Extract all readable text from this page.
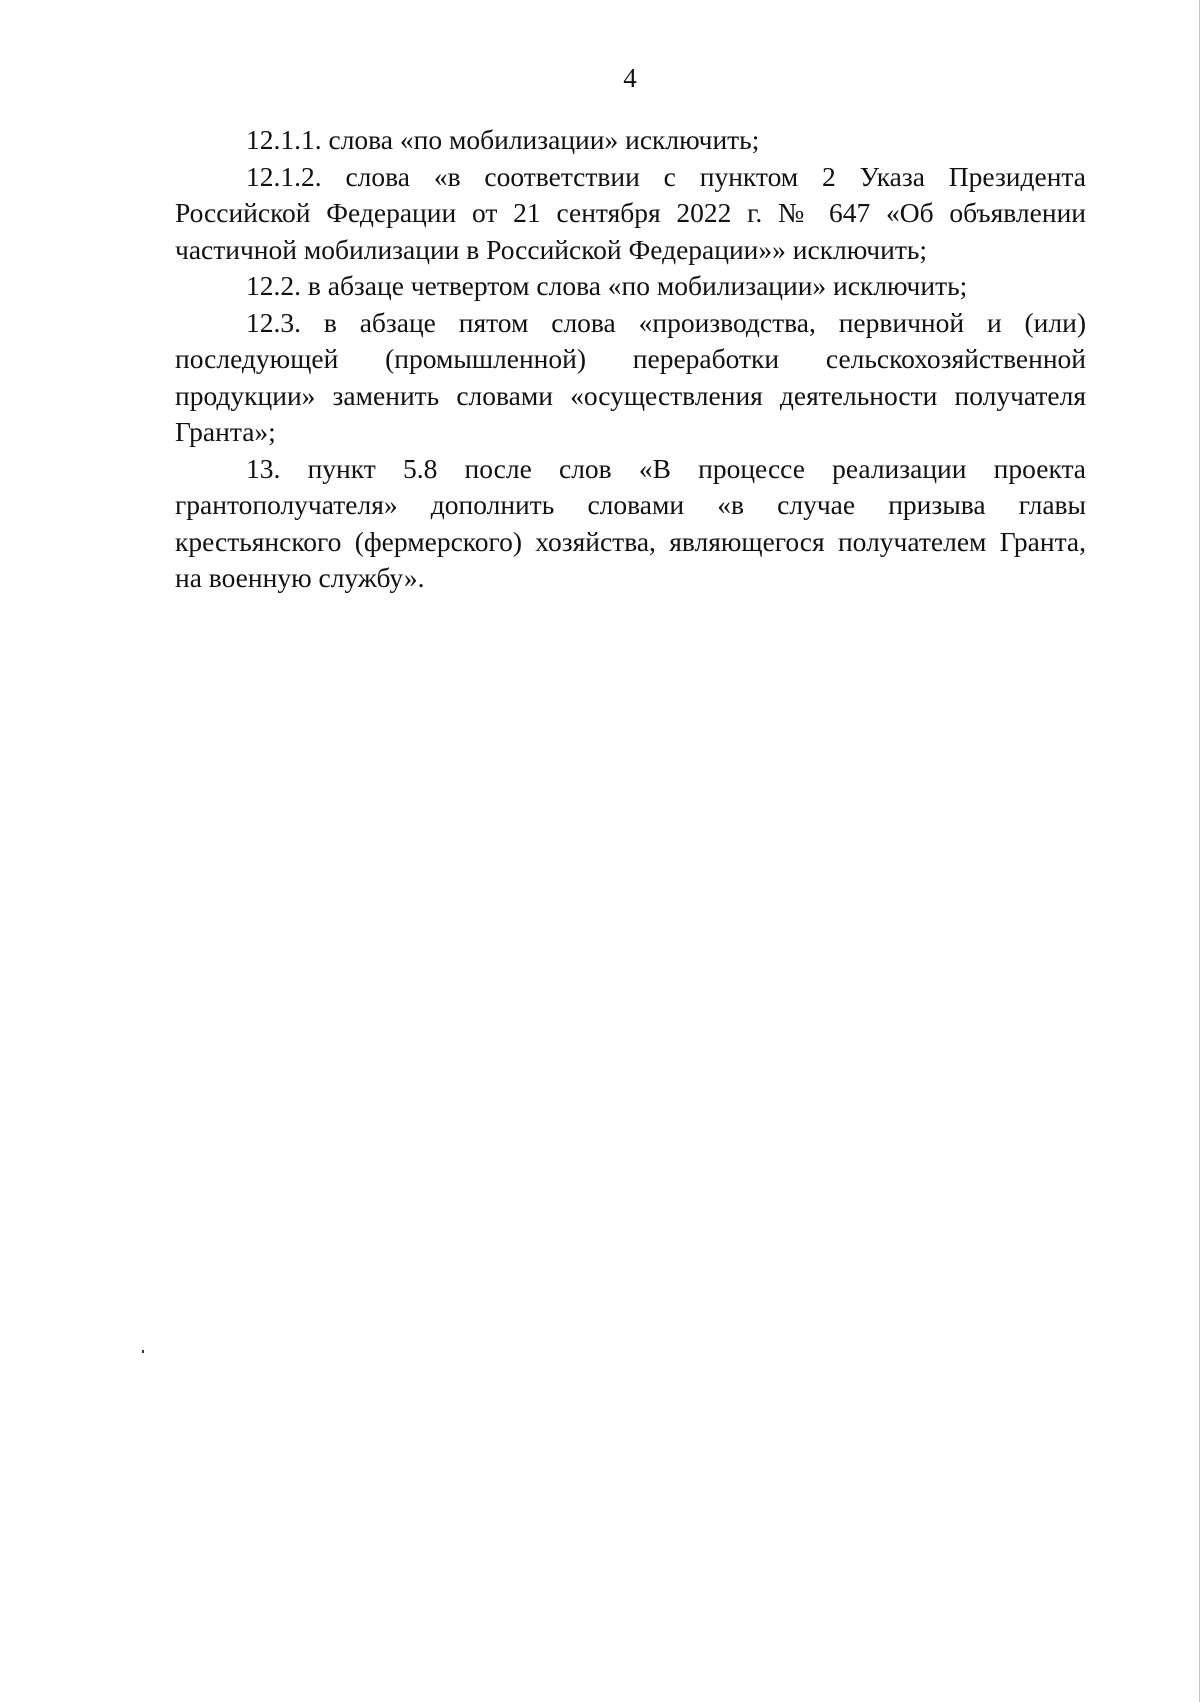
4

12.1.1. слова «по мобилизации» исключить;

12.1.2. слова «в соответствии с пунктом 2 Указа Президента Российской Федерации от 21 сентября 2022 г. № 647 «Об объявлении частичной мобилизации в Российской Федерации»» исключить;

12.2. в абзаце четвертом слова «по мобилизации» исключить;

12.3. в абзаце пятом слова «производства, первичной и (или) последующей (промышленной) переработки сельскохозяйственной продукции» заменить словами «осуществления деятельности получателя Гранта»;

13. пункт 5.8 после слов «В процессе реализации проекта грантополучателя» дополнить словами «в случае призыва главы крестьянского (фермерского) хозяйства, являющегося получателем Гранта, на военную службу».
